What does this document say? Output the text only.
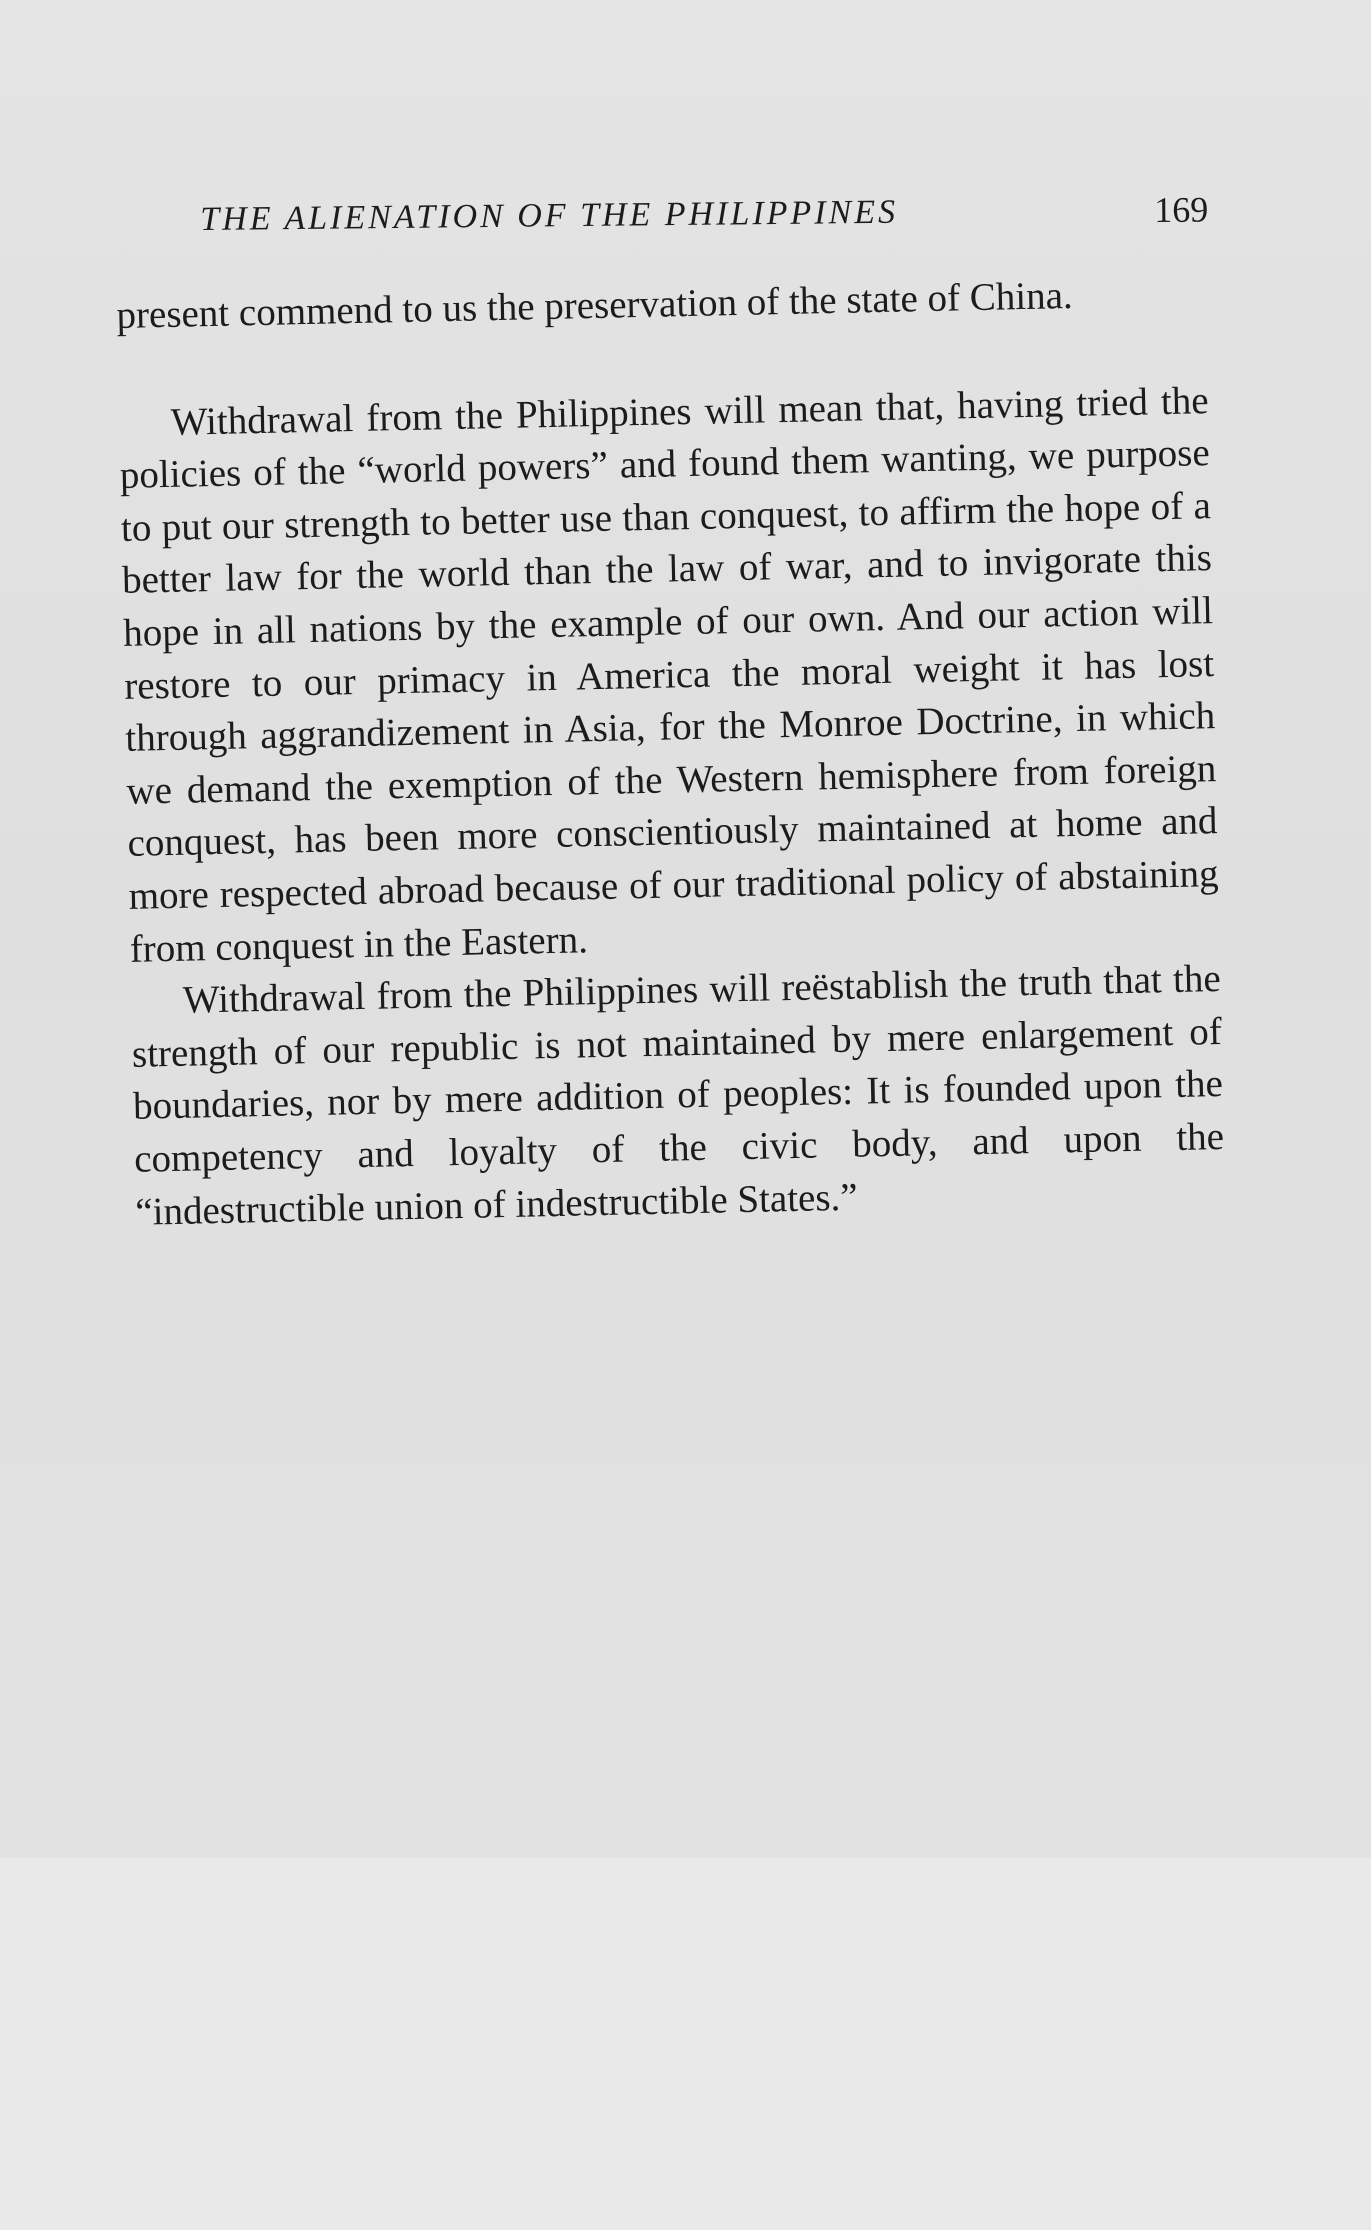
THE ALIENATION OF THE PHILIPPINES	169

present commend to us the preservation of the state of China.

Withdrawal from the Philippines will mean that, having tried the policies of the “world powers” and found them wanting, we purpose to put our strength to better use than conquest, to affirm the hope of a better law for the world than the law of war, and to invigorate this hope in all nations by the example of our own. And our action will restore to our primacy in America the moral weight it has lost through aggrandizement in Asia, for the Monroe Doctrine, in which we demand the exemption of the Western hemisphere from foreign conquest, has been more conscientiously maintained at home and more respected abroad because of our traditional policy of abstaining from conquest in the Eastern.

Withdrawal from the Philippines will reëstablish the truth that the strength of our republic is not maintained by mere enlargement of boundaries, nor by mere addition of peoples: It is founded upon the competency and loyalty of the civic body, and upon the “indestructible union of indestructible States.”
